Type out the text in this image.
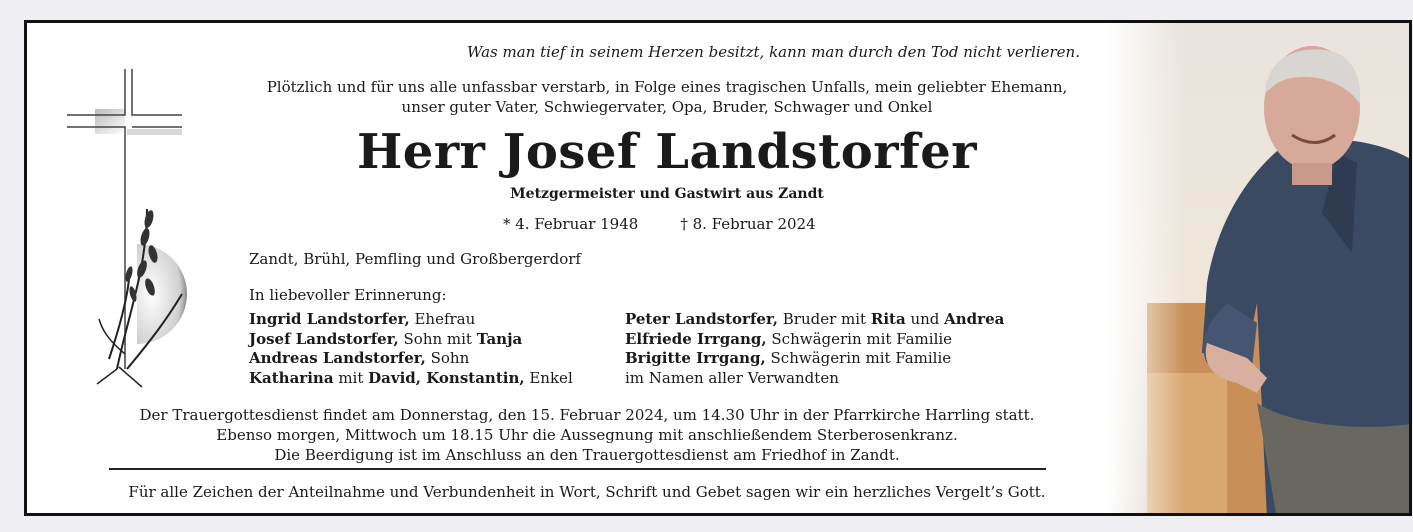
Was man tief in seinem Herzen besitzt, kann man durch den Tod nicht verlieren.
Plötzlich und für uns alle unfassbar verstarb, in Folge eines tragischen Unfalls, mein geliebter Ehemann,
unser guter Vater, Schwiegervater, Opa, Bruder, Schwager und Onkel
Herr Josef Landstorfer
Metzgermeister und Gastwirt aus Zandt
* 4. Februar 1948	† 8. Februar 2024
Zandt, Brühl, Pemfling und Großbergerdorf
In liebevoller Erinnerung:
Ingrid Landstorfer, Ehefrau
Josef Landstorfer, Sohn mit Tanja
Andreas Landstorfer, Sohn
Katharina mit David, Konstantin, Enkel
Peter Landstorfer, Bruder mit Rita und Andrea
Elfriede Irrgang, Schwägerin mit Familie
Brigitte Irrgang, Schwägerin mit Familie
im Namen aller Verwandten
Der Trauergottesdienst findet am Donnerstag, den 15. Februar 2024, um 14.30 Uhr in der Pfarrkirche Harrling statt.
Ebenso morgen, Mittwoch um 18.15 Uhr die Aussegnung mit anschließendem Sterberosenkranz.
Die Beerdigung ist im Anschluss an den Trauergottesdienst am Friedhof in Zandt.
Für alle Zeichen der Anteilnahme und Verbundenheit in Wort, Schrift und Gebet sagen wir ein herzliches Vergelt’s Gott.
